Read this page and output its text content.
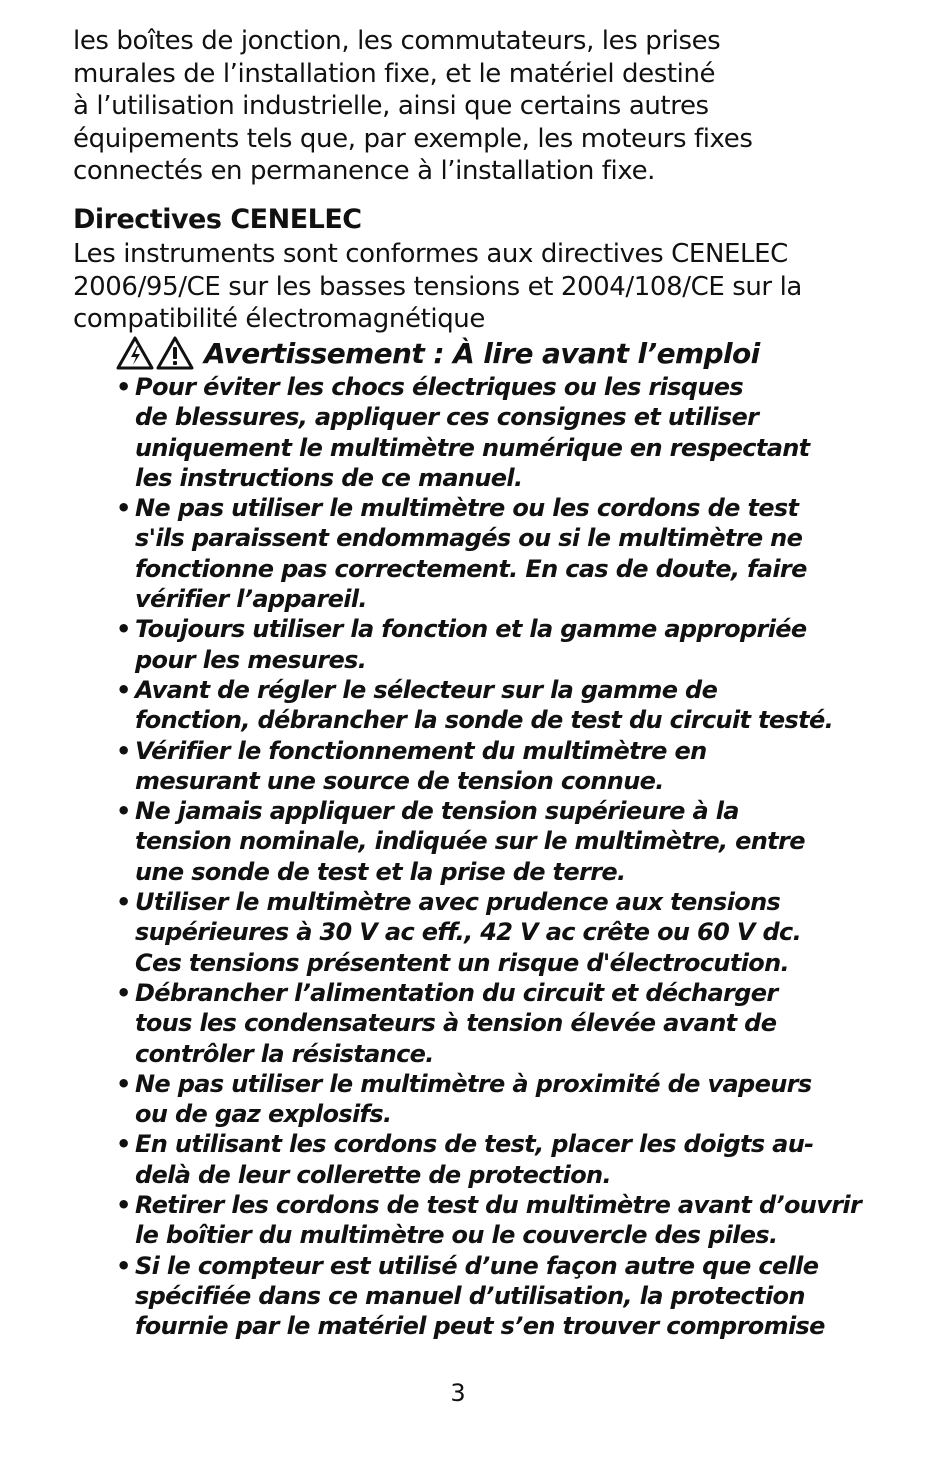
les boîtes de jonction, les commutateurs, les prises
murales de l’installation fixe, et le matériel destiné
à l’utilisation industrielle, ainsi que certains autres
équipements tels que, par exemple, les moteurs fixes
connectés en permanence à l’installation fixe.
Directives CENELEC
Les instruments sont conformes aux directives CENELEC
2006/95/CE sur les basses tensions et 2004/108/CE sur la
compatibilité électromagnétique
Avertissement : À lire avant l’emploi
• Pour éviter les chocs électriques ou les risques
de blessures, appliquer ces consignes et utiliser
uniquement le multimètre numérique en respectant
les instructions de ce manuel.
• Ne pas utiliser le multimètre ou les cordons de test
s'ils paraissent endommagés ou si le multimètre ne
fonctionne pas correctement. En cas de doute, faire
vérifier l’appareil.
• Toujours utiliser la fonction et la gamme appropriée
pour les mesures.
• Avant de régler le sélecteur sur la gamme de
fonction, débrancher la sonde de test du circuit testé.
• Vérifier le fonctionnement du multimètre en
mesurant une source de tension connue.
• Ne jamais appliquer de tension supérieure à la
tension nominale, indiquée sur le multimètre, entre
une sonde de test et la prise de terre.
• Utiliser le multimètre avec prudence aux tensions
supérieures à 30 V ac eff., 42 V ac crête ou 60 V dc.
Ces tensions présentent un risque d'électrocution.
• Débrancher l’alimentation du circuit et décharger
tous les condensateurs à tension élevée avant de
contrôler la résistance.
• Ne pas utiliser le multimètre à proximité de vapeurs
ou de gaz explosifs.
• En utilisant les cordons de test, placer les doigts au-
delà de leur collerette de protection.
• Retirer les cordons de test du multimètre avant d’ouvrir
le boîtier du multimètre ou le couvercle des piles.
• Si le compteur est utilisé d’une façon autre que celle
spécifiée dans ce manuel d’utilisation, la protection
fournie par le matériel peut s’en trouver compromise
3
